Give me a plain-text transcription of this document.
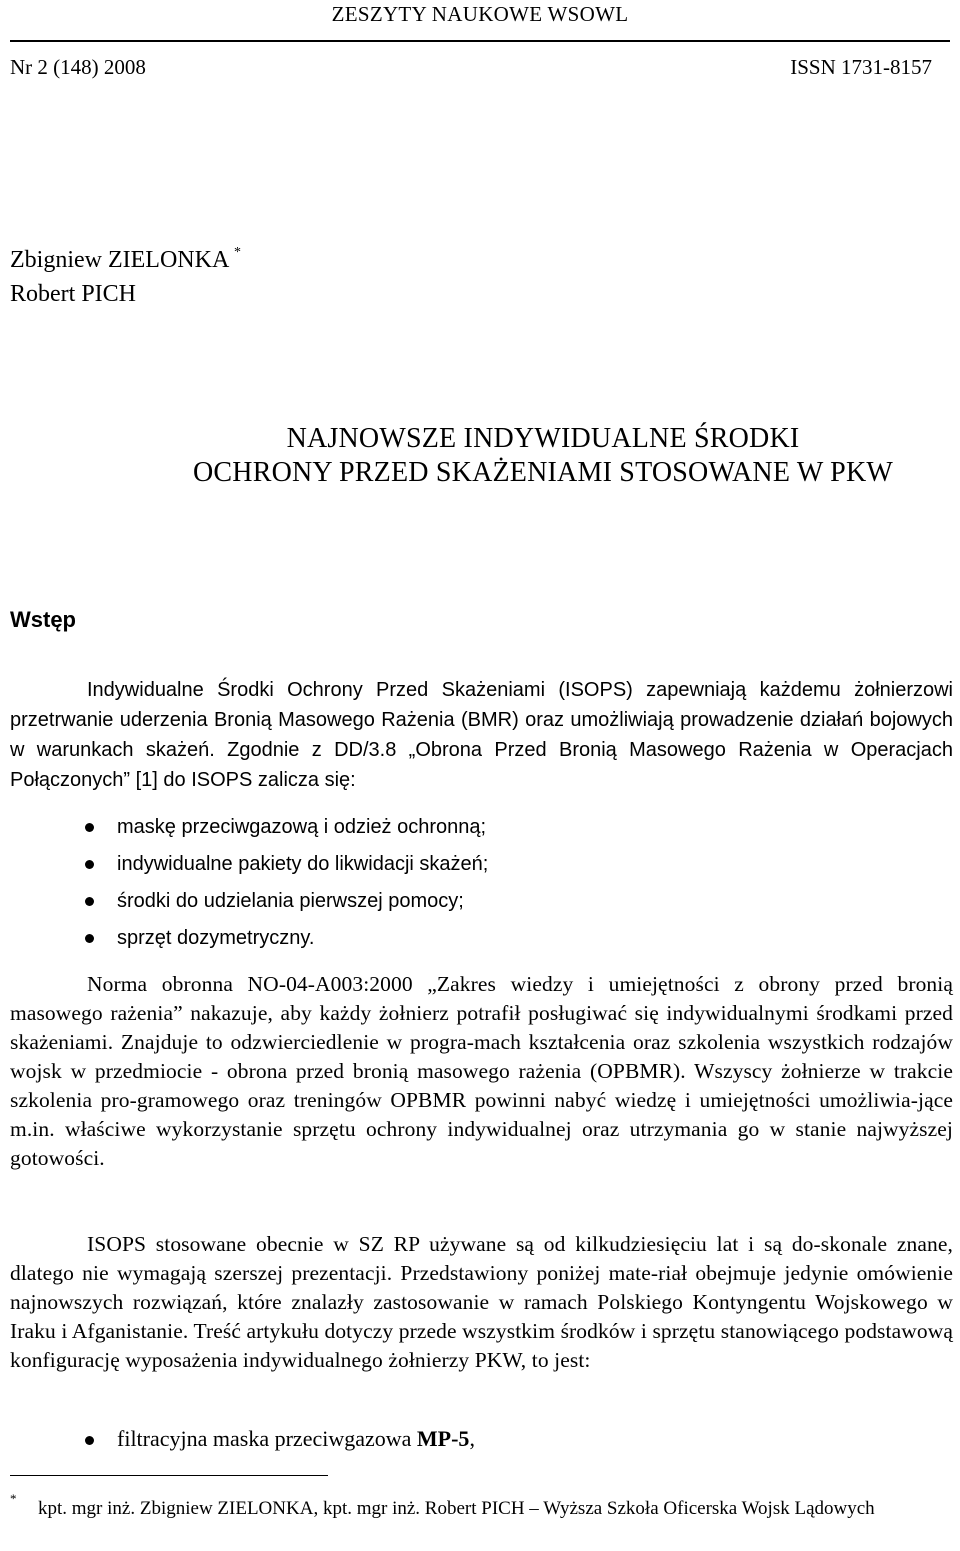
ZESZYTY NAUKOWE WSOWL
Nr 2 (148) 2008	ISSN 1731-8157
Zbigniew ZIELONKA *
Robert PICH
NAJNOWSZE INDYWIDUALNE ŚRODKI
OCHRONY PRZED SKAŻENIAMI STOSOWANE W PKW
Wstęp
Indywidualne Środki Ochrony Przed Skażeniami (ISOPS) zapewniają każdemu żołnierzowi przetrwanie uderzenia Bronią Masowego Rażenia (BMR) oraz umożliwiają prowadzenie działań bojowych w warunkach skażeń. Zgodnie z DD/3.8 „Obrona Przed Bronią Masowego Rażenia w Operacjach Połączonych” [1] do ISOPS zalicza się:
maskę przeciwgazową i odzież ochronną;
indywidualne pakiety do likwidacji skażeń;
środki do udzielania pierwszej pomocy;
sprzęt dozymetryczny.
Norma obronna NO-04-A003:2000 „Zakres wiedzy i umiejętności z obrony przed bronią masowego rażenia” nakazuje, aby każdy żołnierz potrafił posługiwać się indywidualnymi środkami przed skażeniami. Znajduje to odzwierciedlenie w progra-mach kształcenia oraz szkolenia wszystkich rodzajów wojsk w przedmiocie - obrona przed bronią masowego rażenia (OPBMR). Wszyscy żołnierze w trakcie szkolenia pro-gramowego oraz treningów OPBMR powinni nabyć wiedzę i umiejętności umożliwia-jące m.in. właściwe wykorzystanie sprzętu ochrony indywidualnej oraz utrzymania go w stanie najwyższej gotowości.
ISOPS stosowane obecnie w SZ RP używane są od kilkudziesięciu lat i są do-skonale znane, dlatego nie wymagają szerszej prezentacji. Przedstawiony poniżej mate-riał obejmuje jedynie omówienie najnowszych rozwiązań, które znalazły zastosowanie w ramach Polskiego Kontyngentu Wojskowego w Iraku i Afganistanie. Treść artykułu dotyczy przede wszystkim środków i sprzętu stanowiącego podstawową konfigurację wyposażenia indywidualnego żołnierzy PKW, to jest:
filtracyjna maska przeciwgazowa MP-5,
* kpt. mgr inż. Zbigniew ZIELONKA, kpt. mgr inż. Robert PICH – Wyższa Szkoła Oficerska Wojsk Lądowych
